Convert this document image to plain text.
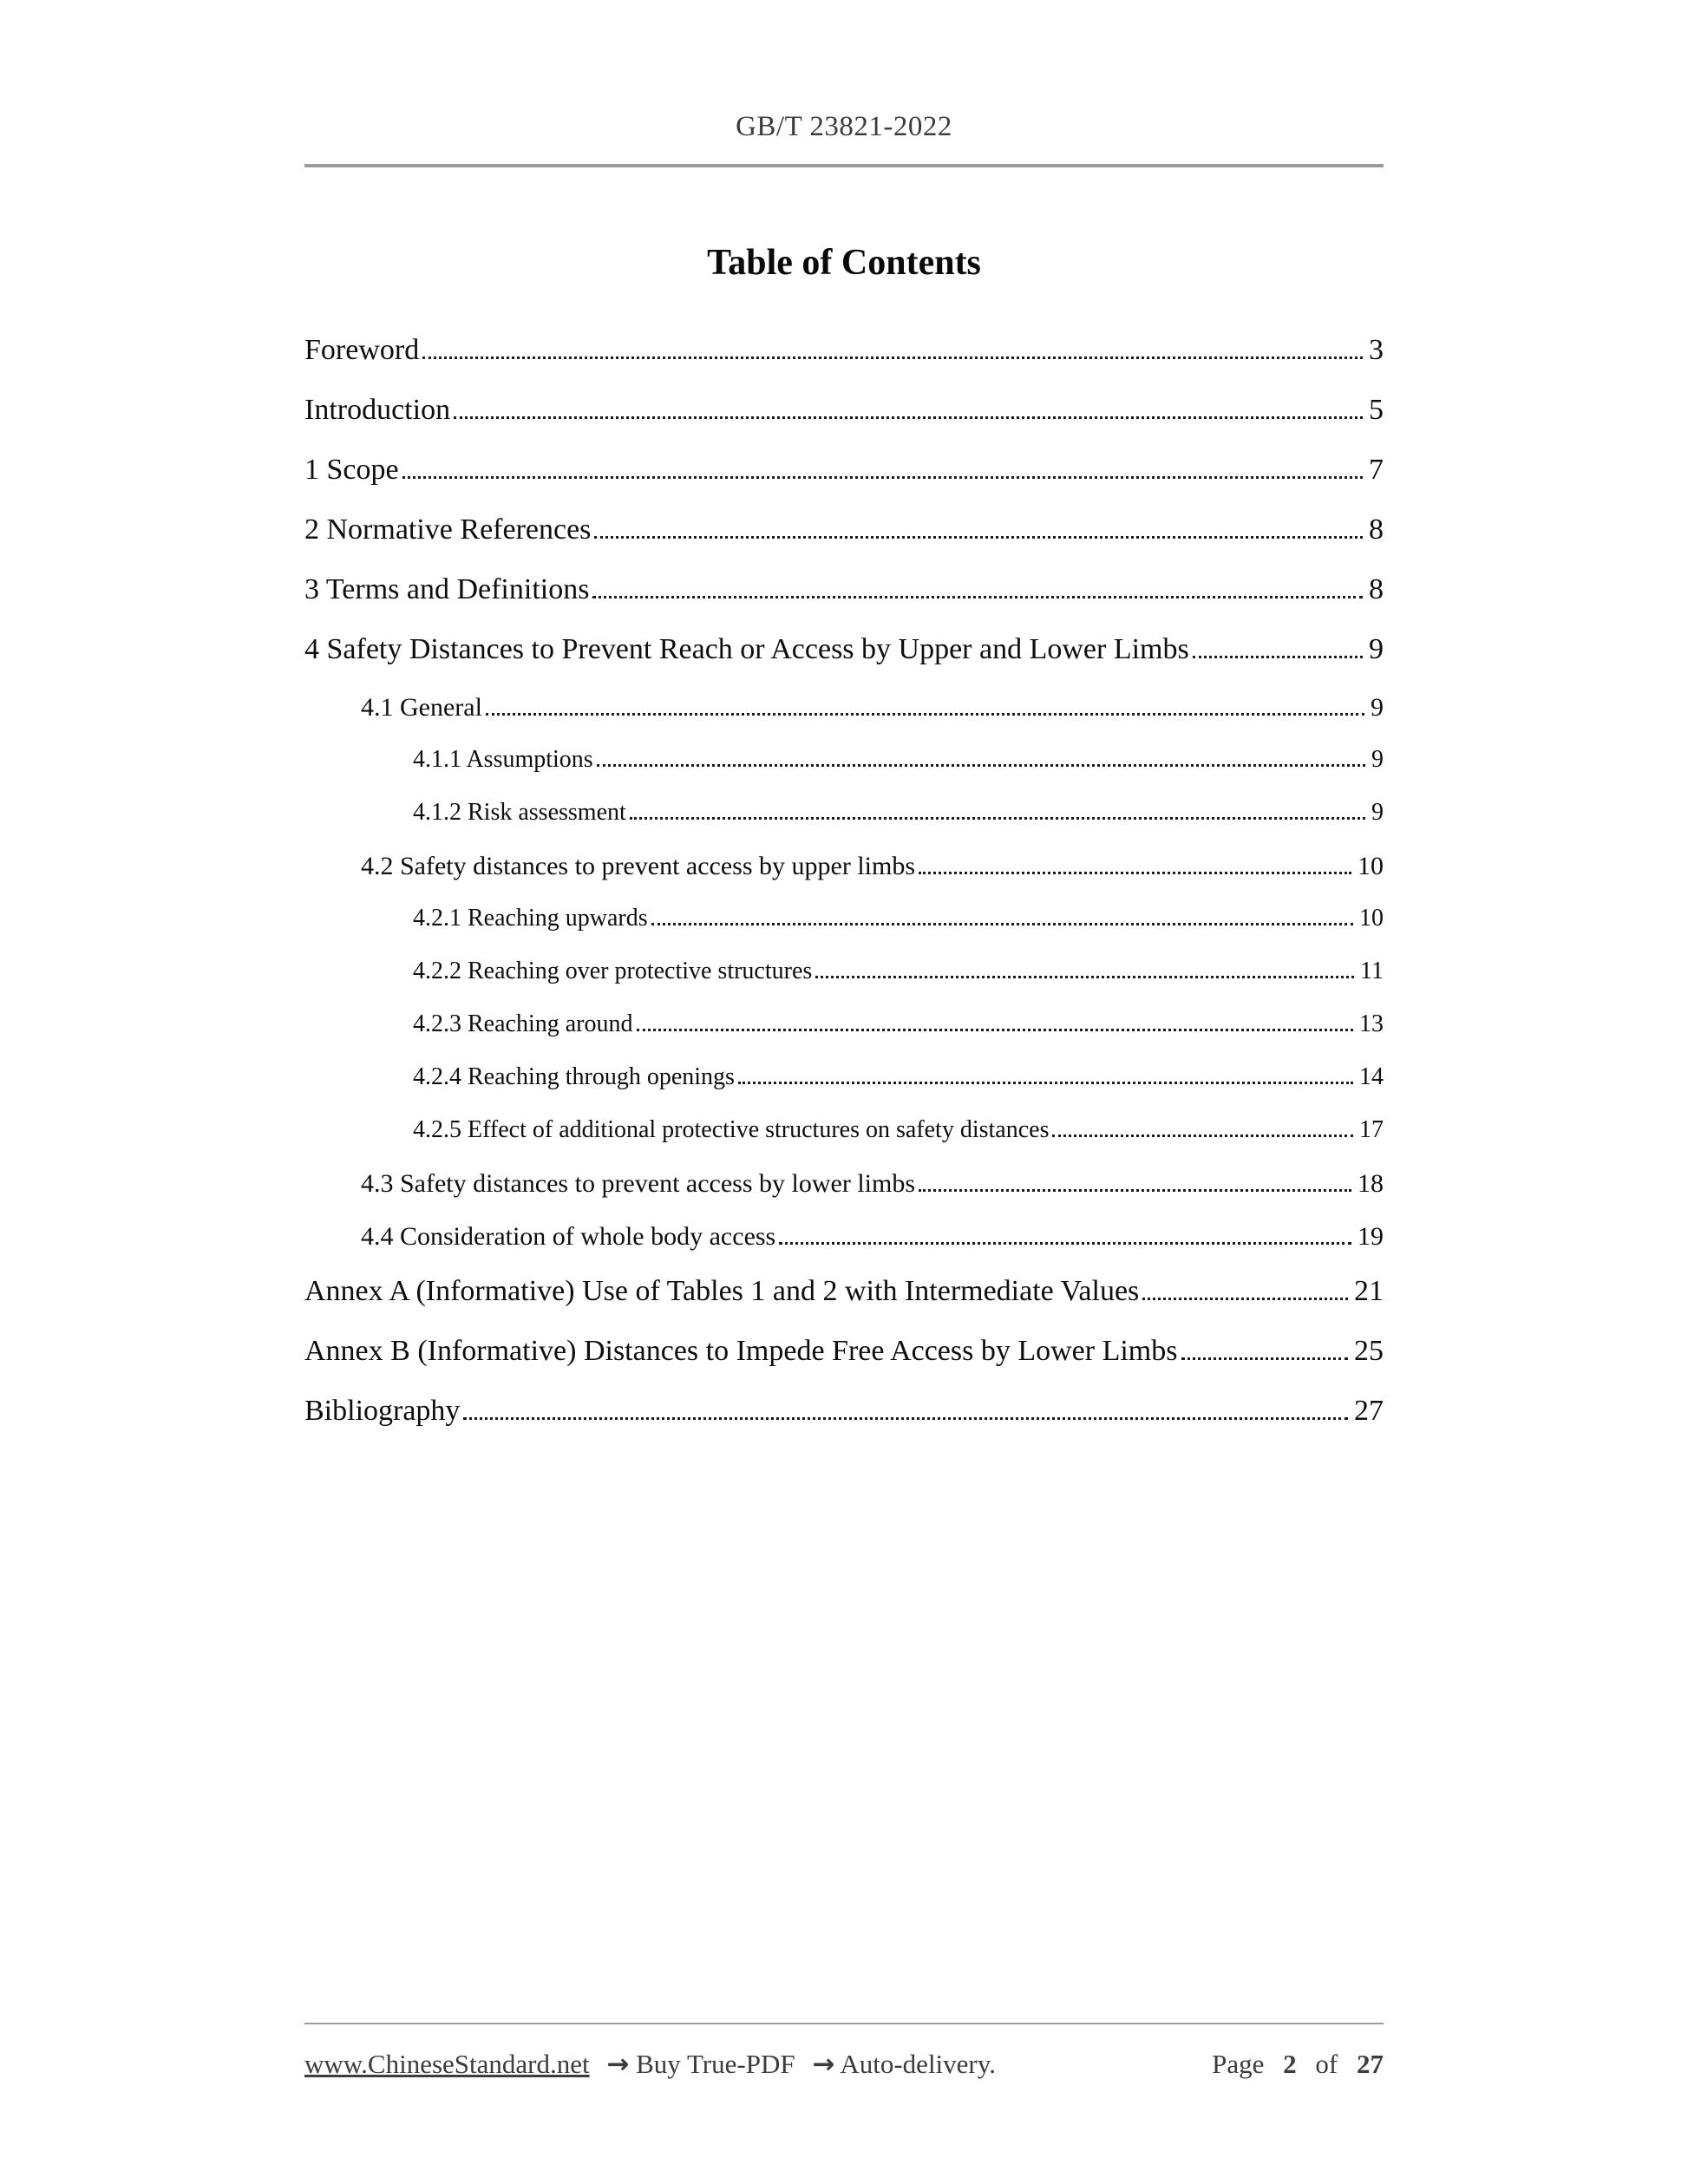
GB/T 23821-2022
Table of Contents
Foreword	3
Introduction	5
1 Scope	7
2 Normative References	8
3 Terms and Definitions	8
4 Safety Distances to Prevent Reach or Access by Upper and Lower Limbs	9
4.1 General	9
4.1.1 Assumptions	9
4.1.2 Risk assessment	9
4.2 Safety distances to prevent access by upper limbs	10
4.2.1 Reaching upwards	10
4.2.2 Reaching over protective structures	11
4.2.3 Reaching around	13
4.2.4 Reaching through openings	14
4.2.5 Effect of additional protective structures on safety distances	17
4.3 Safety distances to prevent access by lower limbs	18
4.4 Consideration of whole body access	19
Annex A (Informative) Use of Tables 1 and 2 with Intermediate Values	21
Annex B (Informative) Distances to Impede Free Access by Lower Limbs	25
Bibliography	27
www.ChineseStandard.net → Buy True-PDF → Auto-delivery.	Page 2 of 27
